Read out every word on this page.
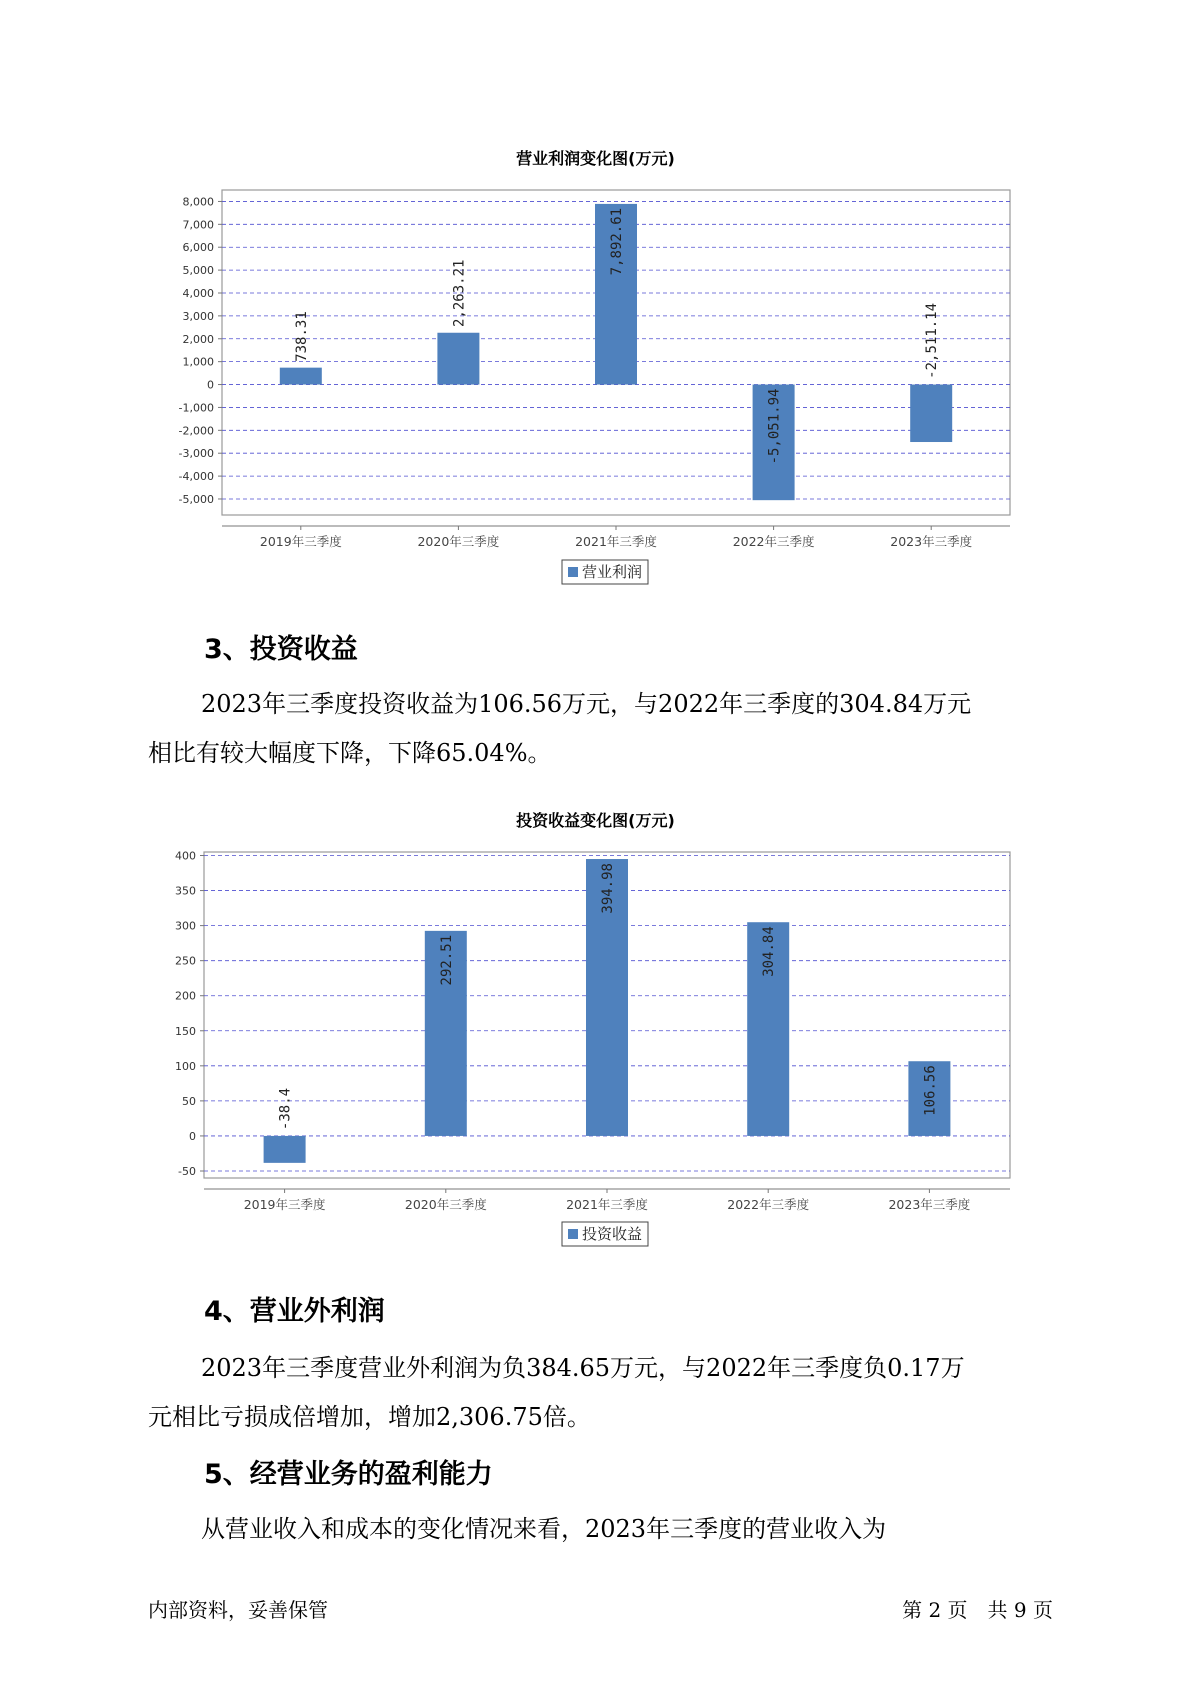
营业利润变化图(万元)
8,000
7,000
6,000
5,000
4,000
3,000
2,000
1,000
0
-1,000
-2,000
-3,000
-4,000
-5,000
2019年三季度
738.31
2020年三季度
2,263.21
2021年三季度
7,892.61
2022年三季度
-5,051.94
2023年三季度
-2,511.14
营业利润
3、投资收益

2023年三季度投资收益为106.56万元，与2022年三季度的304.84万元
相比有较大幅度下降，下降65.04%。

投资收益变化图(万元)
400
350
300
250
200
150
100
50
0
-50
2019年三季度
-38.4
2020年三季度
292.51
2021年三季度
394.98
2022年三季度
304.84
2023年三季度
106.56
投资收益
4、营业外利润

2023年三季度营业外利润为负384.65万元，与2022年三季度负0.17万
元相比亏损成倍增加，增加2,306.75倍。

5、经营业务的盈利能力

从营业收入和成本的变化情况来看，2023年三季度的营业收入为

内部资料，妥善保管	第 2 页　共 9 页
